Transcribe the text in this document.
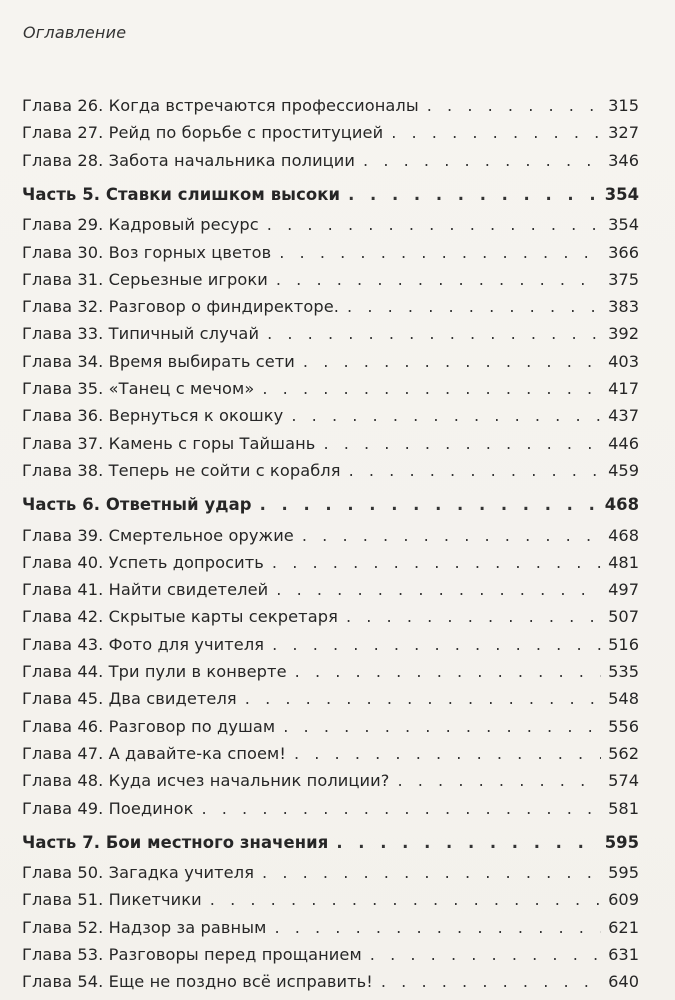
Оглавление
Глава 26. Когда встречаются профессионалы . . .	315
Глава 27. Рейд по борьбе с проституцией . . .	327
Глава 28. Забота начальника полиции . . .	346
Часть 5. Ставки слишком высоки . . .	354
Глава 29. Кадровый ресурс . . .	354
Глава 30. Воз горных цветов . . .	366
Глава 31. Серьезные игроки . . .	375
Глава 32. Разговор о финдиректоре. . . .	383
Глава 33. Типичный случай . . .	392
Глава 34. Время выбирать сети . . .	403
Глава 35. «Танец с мечом» . . .	417
Глава 36. Вернуться к окошку . . .	437
Глава 37. Камень с горы Тайшань . . .	446
Глава 38. Теперь не сойти с корабля . . .	459
Часть 6. Ответный удар . . .	468
Глава 39. Смертельное оружие . . .	468
Глава 40. Успеть допросить . . .	481
Глава 41. Найти свидетелей . . .	497
Глава 42. Скрытые карты секретаря . . .	507
Глава 43. Фото для учителя . . .	516
Глава 44. Три пули в конверте . . .	535
Глава 45. Два свидетеля . . .	548
Глава 46. Разговор по душам . . .	556
Глава 47. А давайте-ка споем! . . .	562
Глава 48. Куда исчез начальник полиции? . . .	574
Глава 49. Поединок . . .	581
Часть 7. Бои местного значения . . .	595
Глава 50. Загадка учителя . . .	595
Глава 51. Пикетчики . . .	609
Глава 52. Надзор за равным . . .	621
Глава 53. Разговоры перед прощанием . . .	631
Глава 54. Еще не поздно всё исправить! . . .	640
